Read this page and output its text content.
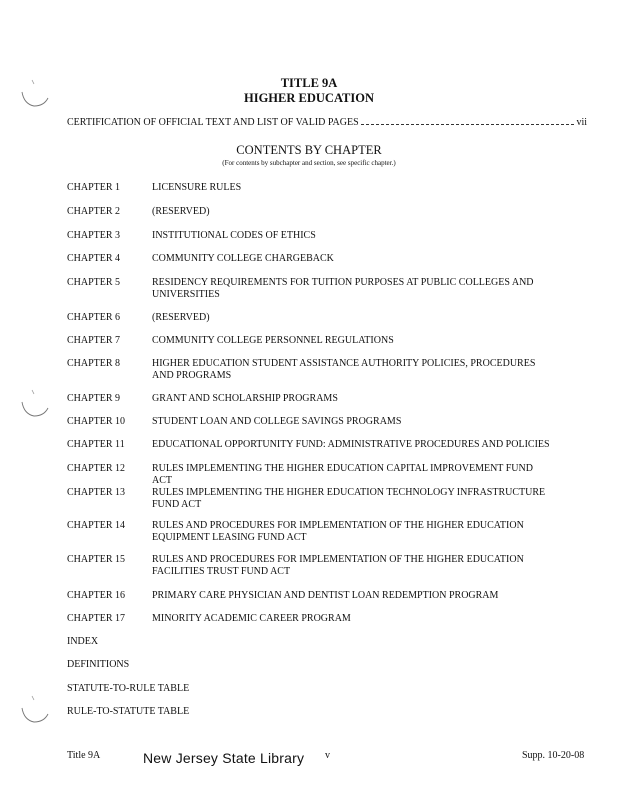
TITLE 9A
HIGHER EDUCATION
CERTIFICATION OF OFFICIAL TEXT AND LIST OF VALID PAGES	vii
CONTENTS BY CHAPTER
(For contents by subchapter and section, see specific chapter.)
CHAPTER 1	LICENSURE RULES
CHAPTER 2	(RESERVED)
CHAPTER 3	INSTITUTIONAL CODES OF ETHICS
CHAPTER 4	COMMUNITY COLLEGE CHARGEBACK
CHAPTER 5	RESIDENCY REQUIREMENTS FOR TUITION PURPOSES AT PUBLIC COLLEGES AND UNIVERSITIES
CHAPTER 6	(RESERVED)
CHAPTER 7	COMMUNITY COLLEGE PERSONNEL REGULATIONS
CHAPTER 8	HIGHER EDUCATION STUDENT ASSISTANCE AUTHORITY POLICIES, PROCEDURES AND PROGRAMS
CHAPTER 9	GRANT AND SCHOLARSHIP PROGRAMS
CHAPTER 10	STUDENT LOAN AND COLLEGE SAVINGS PROGRAMS
CHAPTER 11	EDUCATIONAL OPPORTUNITY FUND: ADMINISTRATIVE PROCEDURES AND POLICIES
CHAPTER 12	RULES IMPLEMENTING THE HIGHER EDUCATION CAPITAL IMPROVEMENT FUND ACT
CHAPTER 13	RULES IMPLEMENTING THE HIGHER EDUCATION TECHNOLOGY INFRASTRUCTURE FUND ACT
CHAPTER 14	RULES AND PROCEDURES FOR IMPLEMENTATION OF THE HIGHER EDUCATION EQUIPMENT LEASING FUND ACT
CHAPTER 15	RULES AND PROCEDURES FOR IMPLEMENTATION OF THE HIGHER EDUCATION FACILITIES TRUST FUND ACT
CHAPTER 16	PRIMARY CARE PHYSICIAN AND DENTIST LOAN REDEMPTION PROGRAM
CHAPTER 17	MINORITY ACADEMIC CAREER PROGRAM
INDEX
DEFINITIONS
STATUTE-TO-RULE TABLE
RULE-TO-STATUTE TABLE
Title 9A	New Jersey State Library v	Supp. 10-20-08
